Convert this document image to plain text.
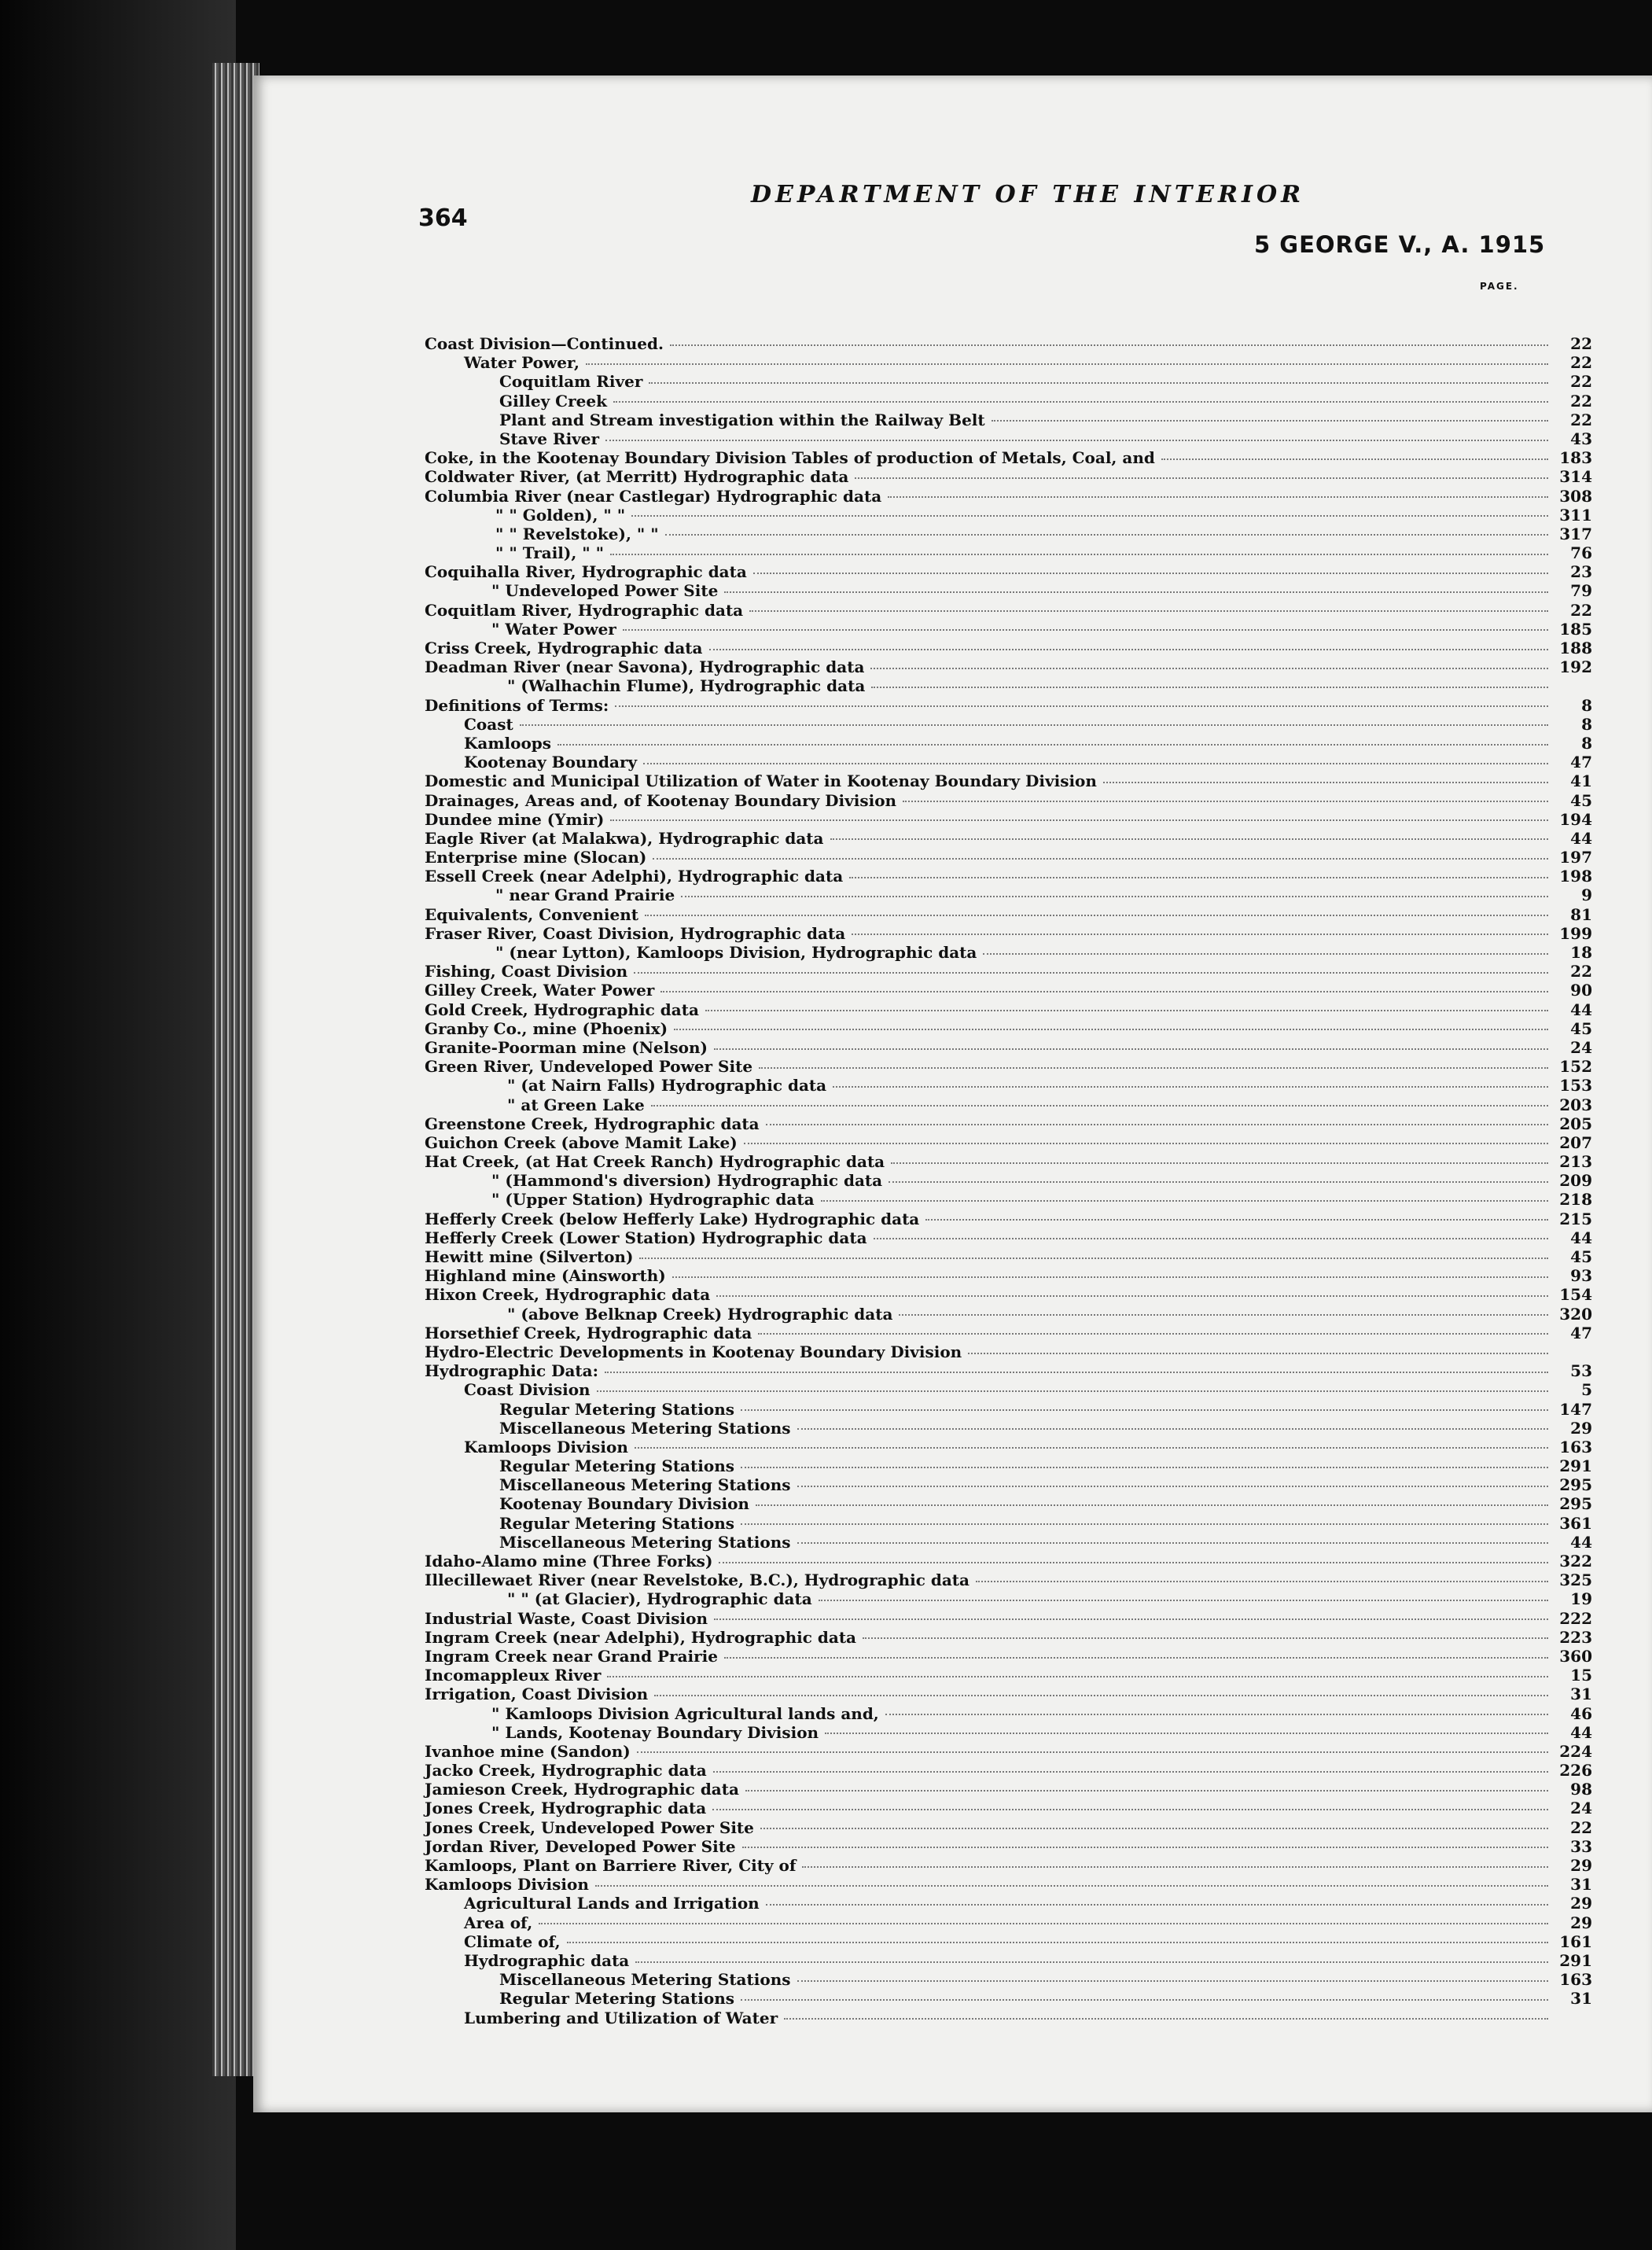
364
DEPARTMENT OF THE INTERIOR
5 GEORGE V., A. 1915
PAGE.
Coast Division—Continued.	22
Water Power,	22
Coquitlam River	22
Gilley Creek	22
Plant and Stream investigation within the Railway Belt	22
Stave River	43
Coke, in the Kootenay Boundary Division Tables of production of Metals, Coal, and	183
Coldwater River, (at Merritt) Hydrographic data	314
Columbia River (near Castlegar) Hydrographic data	308
" " Golden), " "	311
" " Revelstoke), " "	317
" " Trail), " "	76
Coquihalla River, Hydrographic data	23
" Undeveloped Power Site	79
Coquitlam River, Hydrographic data	22
" Water Power	185
Criss Creek, Hydrographic data	188
Deadman River (near Savona), Hydrographic data	192
" (Walhachin Flume), Hydrographic data
Definitions of Terms:	8
Coast	8
Kamloops	8
Kootenay Boundary	47
Domestic and Municipal Utilization of Water in Kootenay Boundary Division	41
Drainages, Areas and, of Kootenay Boundary Division	45
Dundee mine (Ymir)	194
Eagle River (at Malakwa), Hydrographic data	44
Enterprise mine (Slocan)	197
Essell Creek (near Adelphi), Hydrographic data	198
" near Grand Prairie	9
Equivalents, Convenient	81
Fraser River, Coast Division, Hydrographic data	199
" (near Lytton), Kamloops Division, Hydrographic data	18
Fishing, Coast Division	22
Gilley Creek, Water Power	90
Gold Creek, Hydrographic data	44
Granby Co., mine (Phoenix)	45
Granite-Poorman mine (Nelson)	24
Green River, Undeveloped Power Site	152
" (at Nairn Falls) Hydrographic data	153
" at Green Lake	203
Greenstone Creek, Hydrographic data	205
Guichon Creek (above Mamit Lake)	207
Hat Creek, (at Hat Creek Ranch) Hydrographic data	213
" (Hammond's diversion) Hydrographic data	209
" (Upper Station) Hydrographic data	218
Hefferly Creek (below Hefferly Lake) Hydrographic data	215
Hefferly Creek (Lower Station) Hydrographic data	44
Hewitt mine (Silverton)	45
Highland mine (Ainsworth)	93
Hixon Creek, Hydrographic data	154
" (above Belknap Creek) Hydrographic data	320
Horsethief Creek, Hydrographic data	47
Hydro-Electric Developments in Kootenay Boundary Division
Hydrographic Data:	53
Coast Division	5
Regular Metering Stations	147
Miscellaneous Metering Stations	29
Kamloops Division	163
Regular Metering Stations	291
Miscellaneous Metering Stations	295
Kootenay Boundary Division	295
Regular Metering Stations	361
Miscellaneous Metering Stations	44
Idaho-Alamo mine (Three Forks)	322
Illecillewaet River (near Revelstoke, B.C.), Hydrographic data	325
" " (at Glacier), Hydrographic data	19
Industrial Waste, Coast Division	222
Ingram Creek (near Adelphi), Hydrographic data	223
Ingram Creek near Grand Prairie	360
Incomappleux River	15
Irrigation, Coast Division	31
" Kamloops Division Agricultural lands and,	46
" Lands, Kootenay Boundary Division	44
Ivanhoe mine (Sandon)	224
Jacko Creek, Hydrographic data	226
Jamieson Creek, Hydrographic data	98
Jones Creek, Hydrographic data	24
Jones Creek, Undeveloped Power Site	22
Jordan River, Developed Power Site	33
Kamloops, Plant on Barriere River, City of	29
Kamloops Division	31
Agricultural Lands and Irrigation	29
Area of,	29
Climate of,	161
Hydrographic data	291
Miscellaneous Metering Stations	163
Regular Metering Stations	31
Lumbering and Utilization of Water
